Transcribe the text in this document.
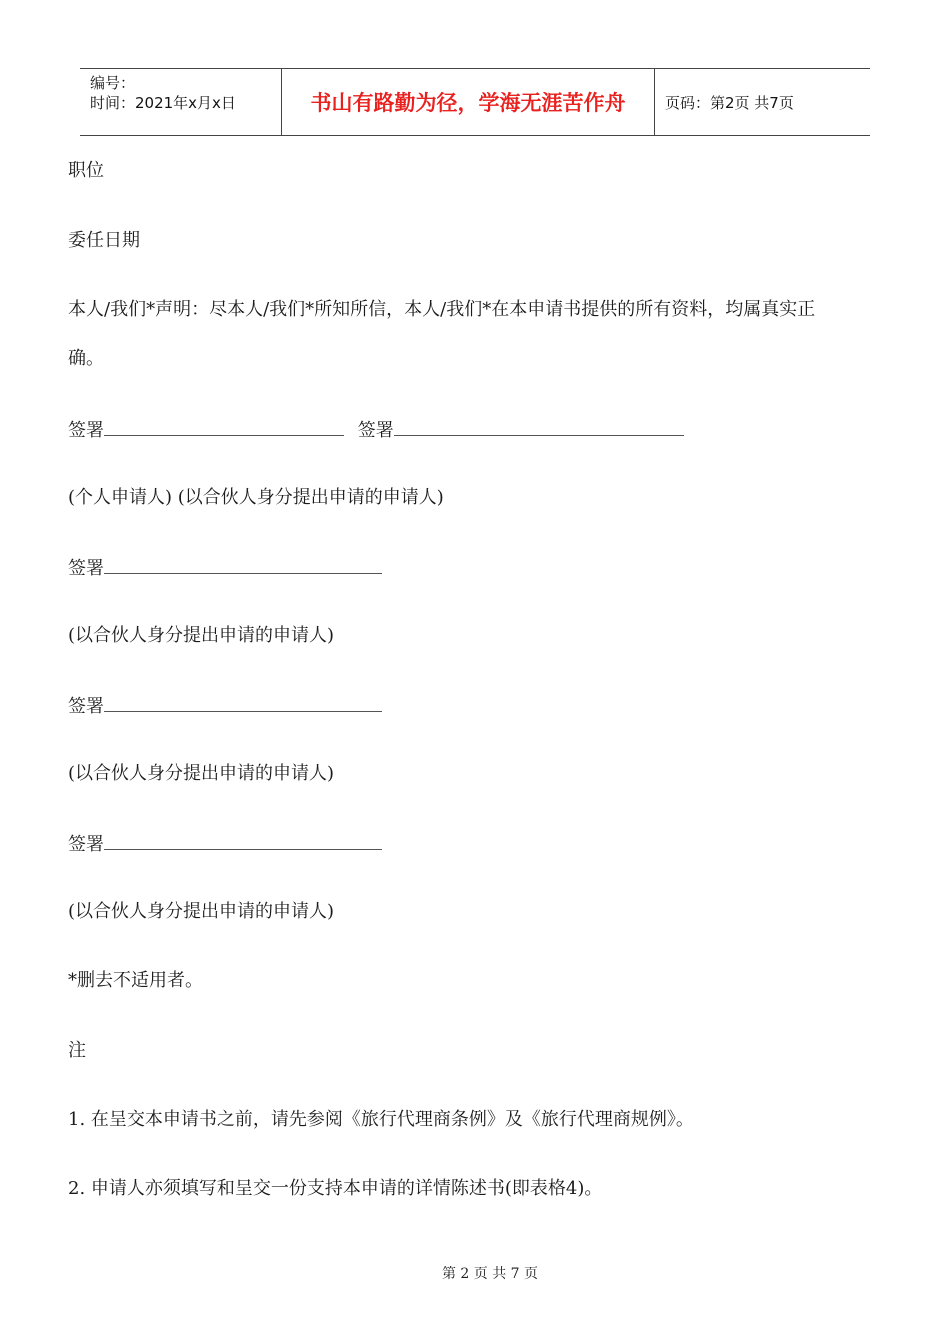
编号：
时间：2021年x月x日	书山有路勤为径，学海无涯苦作舟	页码：第2页 共7页
职位
委任日期
本人/我们*声明：尽本人/我们*所知所信，本人/我们*在本申请书提供的所有资料，均属真实正
确。
签署	签署
(个人申请人) (以合伙人身分提出申请的申请人)
签署
(以合伙人身分提出申请的申请人)
签署
(以合伙人身分提出申请的申请人)
签署
(以合伙人身分提出申请的申请人)
*删去不适用者。
注
1. 在呈交本申请书之前，请先参阅《旅行代理商条例》及《旅行代理商规例》。
2. 申请人亦须填写和呈交一份支持本申请的详情陈述书(即表格4)。
第 2 页 共 7 页
